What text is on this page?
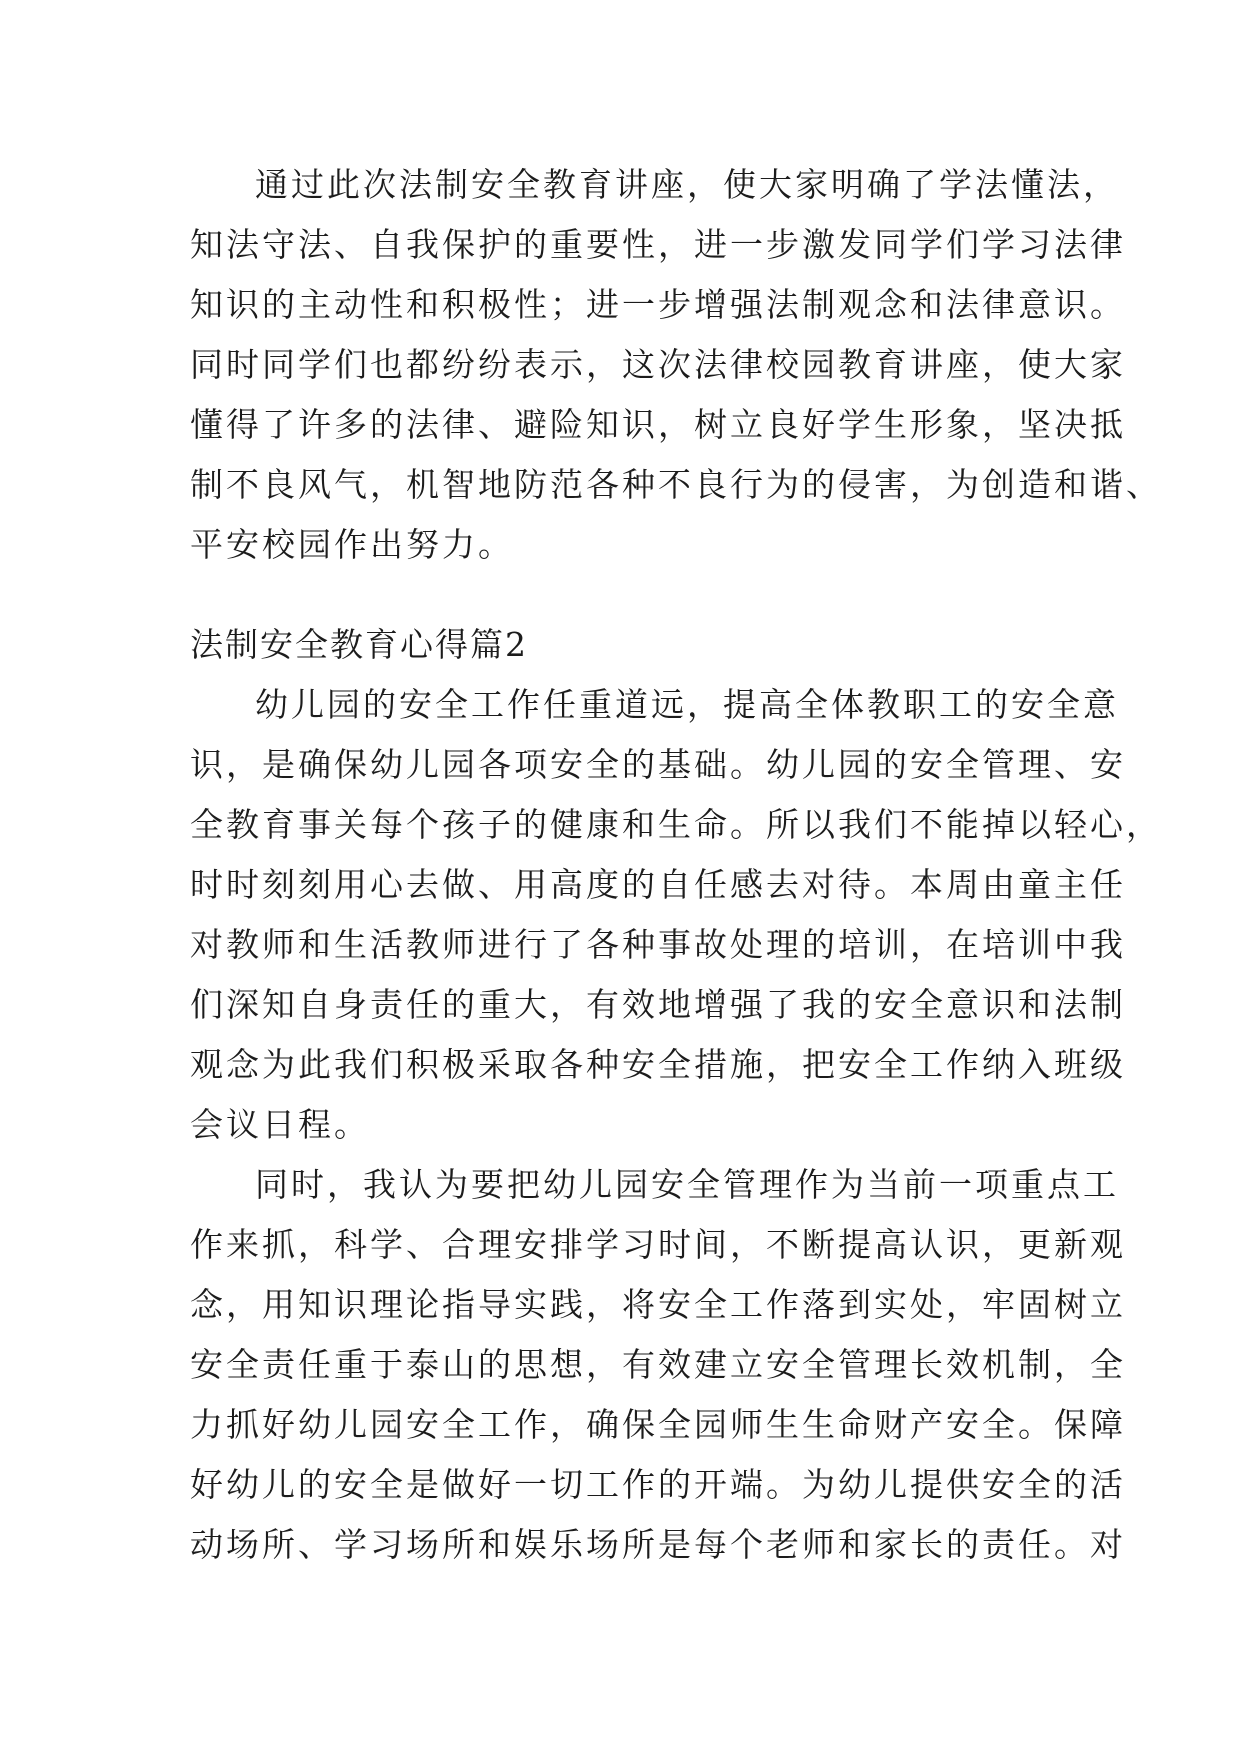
通过此次法制安全教育讲座，使大家明确了学法懂法，
知法守法、自我保护的重要性，进一步激发同学们学习法律
知识的主动性和积极性；进一步增强法制观念和法律意识。
同时同学们也都纷纷表示，这次法律校园教育讲座，使大家
懂得了许多的法律、避险知识，树立良好学生形象，坚决抵
制不良风气，机智地防范各种不良行为的侵害，为创造和谐、
平安校园作出努力。
法制安全教育心得篇2
幼儿园的安全工作任重道远，提高全体教职工的安全意
识，是确保幼儿园各项安全的基础。幼儿园的安全管理、安
全教育事关每个孩子的健康和生命。所以我们不能掉以轻心，
时时刻刻用心去做、用高度的自任感去对待。本周由童主任
对教师和生活教师进行了各种事故处理的培训，在培训中我
们深知自身责任的重大，有效地增强了我的安全意识和法制
观念为此我们积极采取各种安全措施，把安全工作纳入班级
会议日程。
同时，我认为要把幼儿园安全管理作为当前一项重点工
作来抓，科学、合理安排学习时间，不断提高认识，更新观
念，用知识理论指导实践，将安全工作落到实处，牢固树立
安全责任重于泰山的思想，有效建立安全管理长效机制，全
力抓好幼儿园安全工作，确保全园师生生命财产安全。保障
好幼儿的安全是做好一切工作的开端。为幼儿提供安全的活
动场所、学习场所和娱乐场所是每个老师和家长的责任。对
